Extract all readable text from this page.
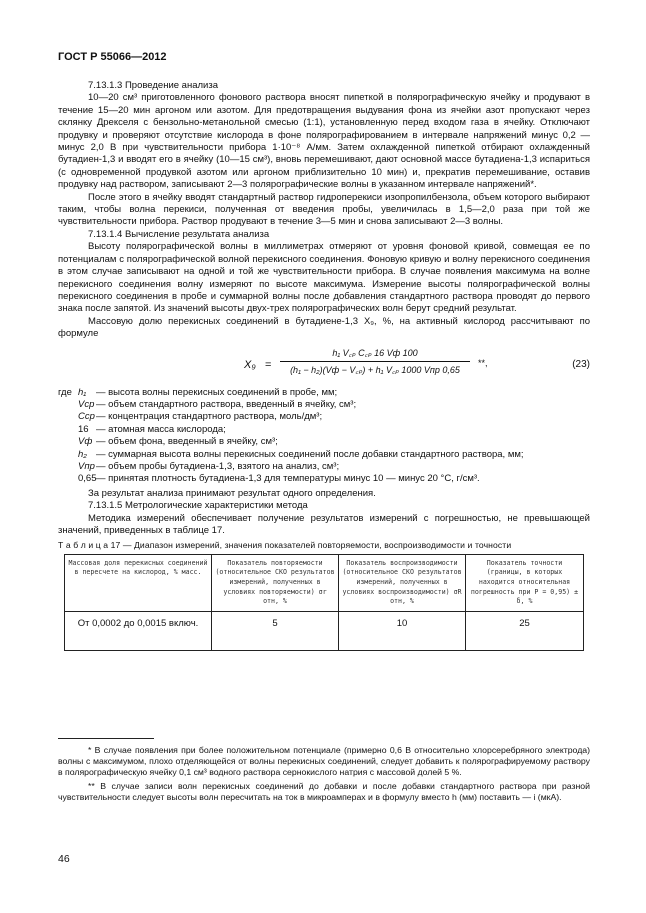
ГОСТ Р 55066—2012

7.13.1.3 Проведение анализа

10—20 см³ приготовленного фонового раствора вносят пипеткой в полярографическую ячейку и продувают в течение 15—20 мин аргоном или азотом. Для предотвращения выдувания фона из ячейки азот пропускают через склянку Дрекселя с бензольно-метанольной смесью (1:1), установленную перед входом газа в ячейку. Отключают продувку и проверяют отсутствие кислорода в фоне полярографированием в интервале напряжений минус 0,2 — минус 2,0 В при чувствительности прибора 1·10⁻⁸ А/мм. Затем охлажденной пипеткой отбирают охлажденный бутадиен-1,3 и вводят его в ячейку (10—15 см³), вновь перемешивают, дают основной массе бутадиена-1,3 испариться (с одновременной продувкой азотом или аргоном приблизительно 10 мин) и, прекратив перемешивание, оставив продувку над раствором, записывают 2—3 полярографические волны в указанном интервале напряжений*.

После этого в ячейку вводят стандартный раствор гидроперекиси изопропилбензола, объем которого выбирают таким, чтобы волна перекиси, полученная от введения пробы, увеличилась в 1,5—2,0 раза при той же чувствительности прибора. Раствор продувают в течение 3—5 мин и снова записывают 2—3 волны.

7.13.1.4 Вычисление результата анализа

Высоту полярографической волны в миллиметрах отмеряют от уровня фоновой кривой, совмещая ее по потенциалам с полярографической волной перекисного соединения. Фоновую кривую и волну перекисного соединения в этом случае записывают на одной и той же чувствительности прибора. В случае появления максимума на волне перекисного соединения волну измеряют по высоте максимума. Измерение высоты полярографической волны перекисного соединения в пробе и суммарной волны после добавления стандартного раствора проводят до первого знака после запятой. Из значений высоты двух-трех полярографических волн берут средний результат.

Массовую долю перекисных соединений в бутадиене-1,3 X₉, %, на активный кислород рассчитывают по формуле

X₉ =
h₁ V꜀ₚ C꜀ₚ 16 Vф 100
(h₁ − h₂)(Vф − V꜀ₚ) + h₁ V꜀ₚ 1000 Vпр 0,65
**,	(23)
где h₁	— высота волны перекисных соединений в пробе, мм;
Vср — объем стандартного раствора, введенный в ячейку, см³;
Сср — концентрация стандартного раствора, моль/дм³;
16 — атомная масса кислорода;
Vф — объем фона, введенный в ячейку, см³;
h₂ — суммарная высота волны перекисных соединений после добавки стандартного раствора, мм;
Vпр — объем пробы бутадиена-1,3, взятого на анализ, см³;
0,65 — принятая плотность бутадиена-1,3 для температуры минус 10 — минус 20 °С, г/см³.

За результат анализа принимают результат одного определения.

7.13.1.5 Метрологические характеристики метода

Методика измерений обеспечивает получение результатов измерений с погрешностью, не превышающей значений, приведенных в таблице 17.

Т а б л и ц а 17 — Диапазон измерений, значения показателей повторяемости, воспроизводимости и точности
Массовая доля перекисных соединений в пересчете на кислород, % масс.	Показатель повторяемости (относительное СКО результатов измерений, полученных в условиях повторяемости) σr отн, %	Показатель воспроизводимости (относительное СКО результатов измерений, полученных в условиях воспроизводимости) σR отн, %	Показатель точности (границы, в которых находится относительная погрешность при P = 0,95) ± δ, %
От 0,0002 до 0,0015 включ.	5	10	25

* В случае появления при более положительном потенциале (примерно 0,6 В относительно хлорсеребряного электрода) волны с максимумом, плохо отделяющейся от волны перекисных соединений, следует добавить к полярографируемому раствору в полярографическую ячейку 0,1 см³ водного раствора сернокислого натрия с массовой долей 5 %.

** В случае записи волн перекисных соединений до добавки и после добавки стандартного раствора при разной чувствительности следует высоты волн пересчитать на ток в микроамперах и в формулу вместо h (мм) поставить — i (мкА).

46
